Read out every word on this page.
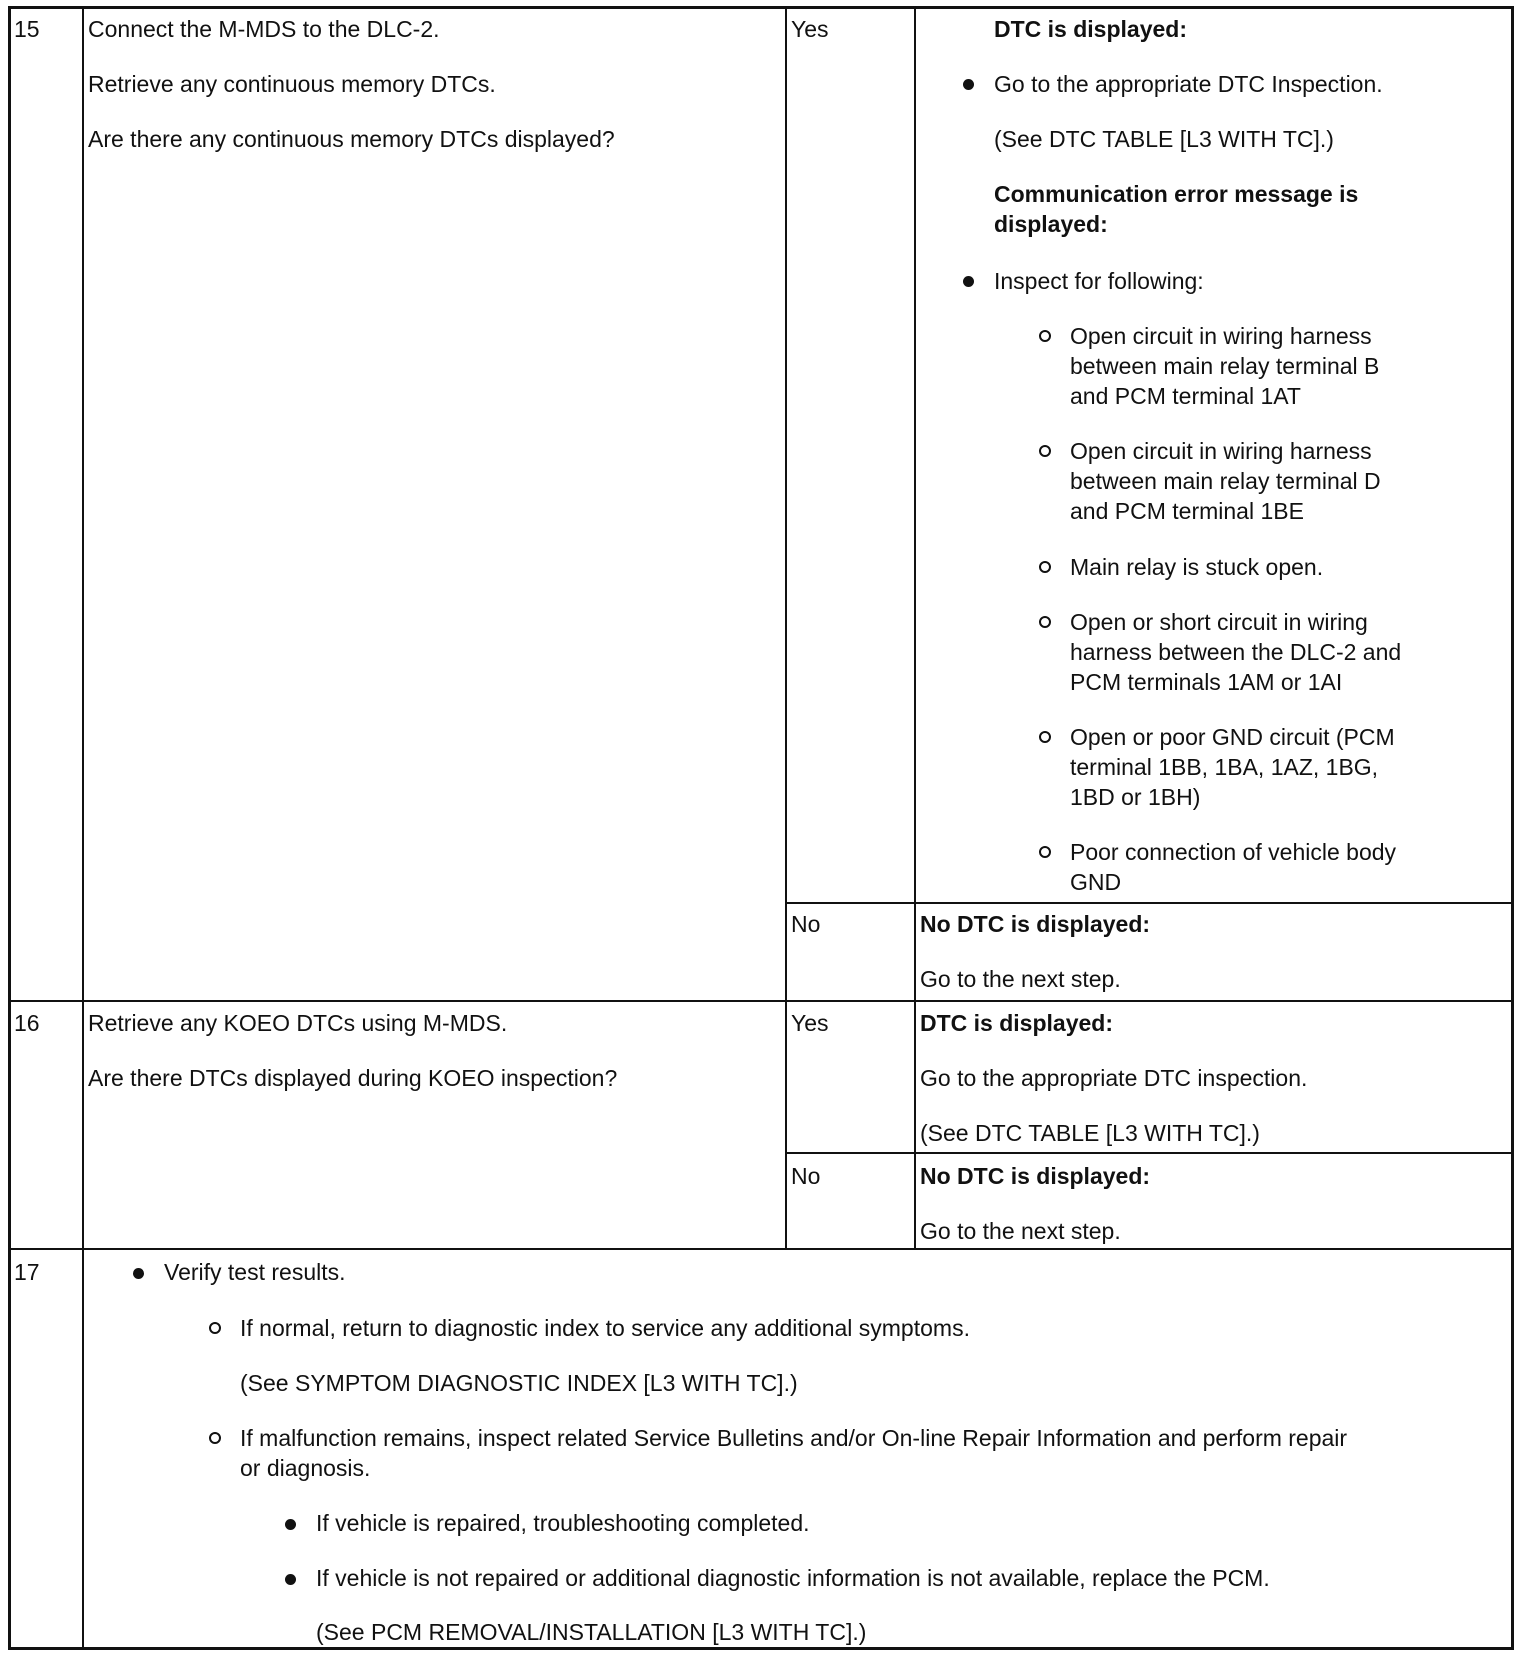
15 Connect the M-MDS to the DLC-2.
Retrieve any continuous memory DTCs.
Are there any continuous memory DTCs displayed?
Yes	DTC is displayed:
Go to the appropriate DTC Inspection.
(See DTC TABLE [L3 WITH TC].)
Communication error message is
displayed:
Inspect for following:
Open circuit in wiring harness
between main relay terminal B
and PCM terminal 1AT
Open circuit in wiring harness
between main relay terminal D
and PCM terminal 1BE
Main relay is stuck open.
Open or short circuit in wiring
harness between the DLC-2 and
PCM terminals 1AM or 1AI
Open or poor GND circuit (PCM
terminal 1BB, 1BA, 1AZ, 1BG,
1BD or 1BH)
Poor connection of vehicle body
GND
No	No DTC is displayed:
Go to the next step.
16 Retrieve any KOEO DTCs using M-MDS.
Are there DTCs displayed during KOEO inspection?
Yes	DTC is displayed:
Go to the appropriate DTC inspection.
(See DTC TABLE [L3 WITH TC].)
No	No DTC is displayed:
Go to the next step.
17	Verify test results.
If normal, return to diagnostic index to service any additional symptoms.
(See SYMPTOM DIAGNOSTIC INDEX [L3 WITH TC].)
If malfunction remains, inspect related Service Bulletins and/or On-line Repair Information and perform repair
or diagnosis.
If vehicle is repaired, troubleshooting completed.
If vehicle is not repaired or additional diagnostic information is not available, replace the PCM.
(See PCM REMOVAL/INSTALLATION [L3 WITH TC].)
